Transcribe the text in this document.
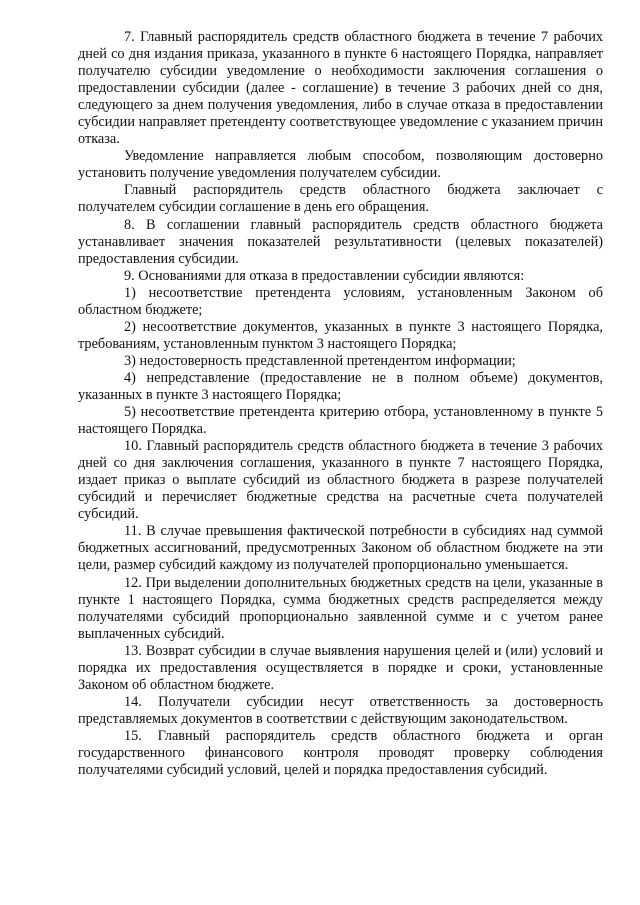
7. Главный распорядитель средств областного бюджета в течение 7 рабочих дней со дня издания приказа, указанного в пункте 6 настоящего Порядка, направляет получателю субсидии уведомление о необходимости заключения соглашения о предоставлении субсидии (далее - соглашение) в течение 3 рабочих дней со дня, следующего за днем получения уведомления, либо в случае отказа в предоставлении субсидии направляет претенденту соответствующее уведомление с указанием причин отказа.

Уведомление направляется любым способом, позволяющим достоверно установить получение уведомления получателем субсидии.

Главный распорядитель средств областного бюджета заключает с получателем субсидии соглашение в день его обращения.

8. В соглашении главный распорядитель средств областного бюджета устанавливает значения показателей результативности (целевых показателей) предоставления субсидии.

9. Основаниями для отказа в предоставлении субсидии являются:

1) несоответствие претендента условиям, установленным Законом об областном бюджете;

2) несоответствие документов, указанных в пункте 3 настоящего Порядка, требованиям, установленным пунктом 3 настоящего Порядка;

3) недостоверность представленной претендентом информации;

4) непредставление (предоставление не в полном объеме) документов, указанных в пункте 3 настоящего Порядка;

5) несоответствие претендента критерию отбора, установленному в пункте 5 настоящего Порядка.

10. Главный распорядитель средств областного бюджета в течение 3 рабочих дней со дня заключения соглашения, указанного в пункте 7 настоящего Порядка, издает приказ о выплате субсидий из областного бюджета в разрезе получателей субсидий и перечисляет бюджетные средства на расчетные счета получателей субсидий.

11. В случае превышения фактической потребности в субсидиях над суммой бюджетных ассигнований, предусмотренных Законом об областном бюджете на эти цели, размер субсидий каждому из получателей пропорционально уменьшается.

12. При выделении дополнительных бюджетных средств на цели, указанные в пункте 1 настоящего Порядка, сумма бюджетных средств распределяется между получателями субсидий пропорционально заявленной сумме и с учетом ранее выплаченных субсидий.

13. Возврат субсидии в случае выявления нарушения целей и (или) условий и порядка их предоставления осуществляется в порядке и сроки, установленные Законом об областном бюджете.

14. Получатели субсидии несут ответственность за достоверность представляемых документов в соответствии с действующим законодательством.

15. Главный распорядитель средств областного бюджета и орган государственного финансового контроля проводят проверку соблюдения получателями субсидий условий, целей и порядка предоставления субсидий.
